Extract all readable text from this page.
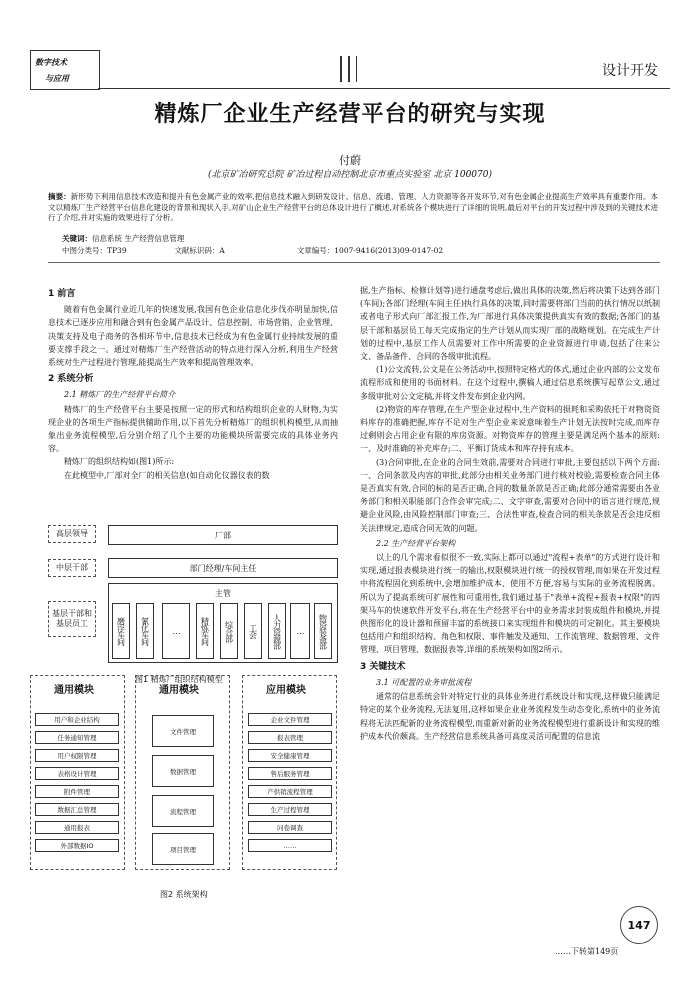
数字技术
与应用	设计开发
精炼厂企业生产经营平台的研究与实现
付蔚
(北京矿冶研究总院 矿冶过程自动控制北京市重点实验室 北京 100070)
摘要：新形势下利用信息技术改造和提升有色金属产业的效率,把信息技术融入到研发设计、信息、流通、管理、人力资源等各开发环节,对有色金属企业提高生产效率具有重要作用。本文以精炼厂生产经营平台信息化建设的背景和现状入手,对矿山企业生产经营平台的总体设计进行了概述,对系统各个模块进行了详细的说明,最后对平台的开发过程中涉及到的关键技术进行了介绍,并对实施的效果进行了分析。
关键词：信息系统 生产经营信息管理
中图分类号：TP39	文献标识码：A	文章编号：1007-9416(2013)09-0147-02
1 前言

随着有色金属行业近几年的快速发展,我国有色企业信息化步伐亦明显加快,信息技术已逐步应用和融合到有色金属产品设计、信息控制、市场营销、企业管理、决策支持及电子商务的各相环节中,信息技术已经成为有色金属行业持续发展的重要支撑手段之一。通过对精炼厂生产经营活动的特点进行深入分析,利用生产经营系统对生产过程进行管理,能提高生产效率和提高管理效率。

2 系统分析
2.1 精炼厂的生产经营平台简介

精炼厂的生产经营平台主要是按照一定的形式和结构组织企业的人财物,为实现企业的各项生产指标提供辅助作用,以下首先分析精炼厂的组织机构模型,从而抽象出业务流程模型,后分别介绍了几个主要的功能模块所需要完成的具体业务内容。

精炼厂的组织结构如(图1)所示:

在此模型中,厂部对全厂的相关信息(如自动化仪器仪表的数

高层领导
中层干部
基层干部和基层员工
厂部
部门经理/车间主任
主管
磨浮车间	氰化车间	…	精炼车间	综合部	工会	人力资源部	…	物资装备部
图1 精炼厂组织结构模型
通用模块
用户和企业结构
任务通知管理
用户权限管理
表格设计管理
附件管理
数据汇总管理
通用报表
外部数据IO
通用模块
文件管理
数据管理
流程管理
项目管理
应用模块
企业文件管理
报表管理
安全健康管理
售后服务管理
产供销流程管理
生产过程管理
问卷调查
……
图2 系统架构

据,生产指标、检修计划等)进行通盘考虑后,做出具体的决策,然后将决策下达到各部门(车间);各部门经理(车间主任)执行具体的决策,同时需要将部门当前的执行情况以纸制或者电子形式向厂部汇报工作,为厂部进行具体决策提供真实有效的数据;各部门的基层干部和基层员工每天完成指定的生产计划从而实现厂部的战略规划。在完成生产计划的过程中,基层工作人员需要对工作中所需要的企业资源进行申请,包括了往来公文、备品备件、合同的各级审批流程。

(1)公文流转,公文是在公务活动中,按照特定格式的体式,通过企业内部的公文发布流程形成和使用的书面材料。在这个过程中,撰稿人通过信息系统撰写起草公文,通过多级审批对公文定稿,并将文件发布到企业内网。

(2)物资的库存管理,在生产型企业过程中,生产资料的损耗和采购依托于对物资资料库存的准确把握,库存不足对生产型企业来说意味着生产计划无法按时完成,而库存过剩则会占用企业有限的库房资源。对物资库存的管理主要是满足两个基本的原则:一、及时准确的补充库存;二、平衡订货成本和库存持有成本。

(3)合同审批,在企业的合同生效前,需要对合同进行审批,主要包括以下两个方面:一、合同条款及内容的审批,此部分由相关业务部门进行核对校验,需要检查合同主体是否真实有效,合同的标的是否正确,合同的数量条款是否正确;此部分通常需要由各业务部门和相关职能部门合作会审完成;二、文字审查,需要对合同中的语言进行规范,规避企业风险,由风险控制部门审查;三、合法性审查,检查合同的相关条款是否会违反相关法律规定,造成合同无效的问题。

2.2 生产经营平台架构

以上的几个需求看似很不一致,实际上都可以通过"流程+表单"的方式进行设计和实现,通过报表模块进行统一的输出,权限模块进行统一的授权管理,而如果在开发过程中将流程固化到系统中,会增加维护成本、使用不方便,容易与实际的业务流程脱离。所以为了提高系统可扩展性和可重用性,我们通过基于"表单+流程+报表+权限"的四架马车的快速软件开发平台,将在生产经营平台中的业务需求封装成组件和模块,并提供图形化的设计器和预留丰富的系统接口来实现组件和模块的可定制化。其主要模块包括用户和组织结构、角色和权限、事件触发及通知、工作流管理、数据管理、文件管理、项目管理、数据报表等,详细的系统架构如图2所示。

3 关键技术
3.1 可配置的业务审批流程

通常的信息系统会针对特定行业的具体业务进行系统设计和实现,这样做只能满足特定的某个业务流程,无法复用,这样如果企业业务流程发生动态变化,系统中的业务流程将无法匹配新的业务流程模型,而重新对新的业务流程模型进行重新设计和实现的维护成本代价颇高。生产经营信息系统具备可高度灵活可配置的信息流

……下转第149页
147
